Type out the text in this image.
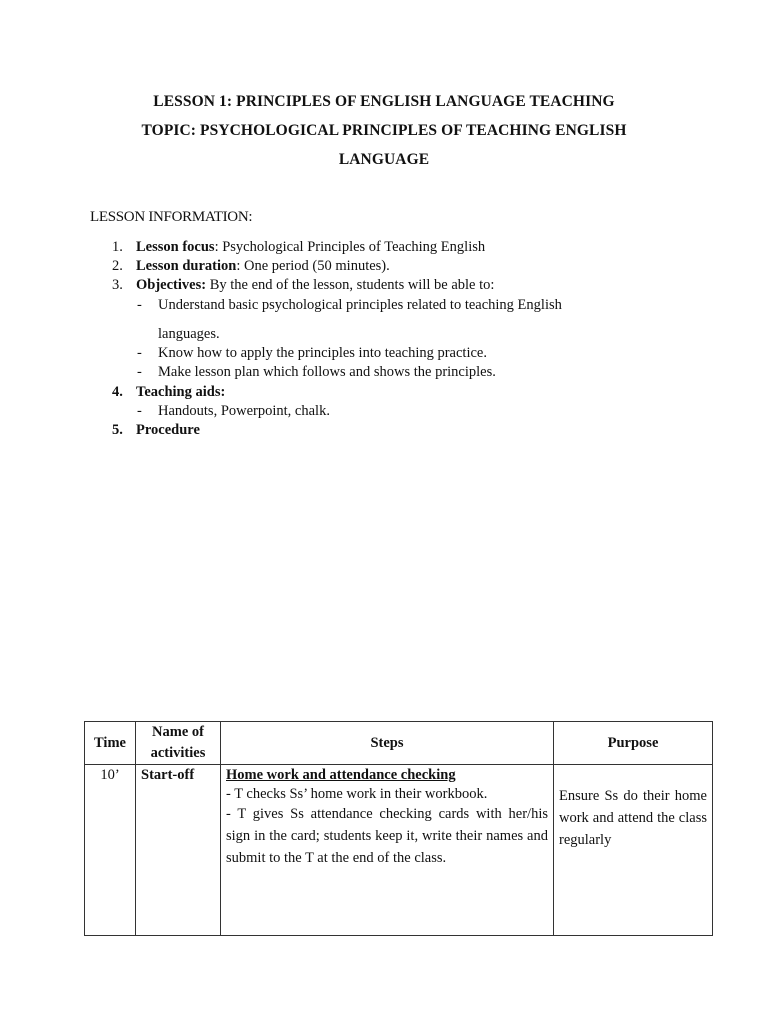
LESSON 1: PRINCIPLES OF ENGLISH LANGUAGE TEACHING
TOPIC: PSYCHOLOGICAL PRINCIPLES OF TEACHING ENGLISH
LANGUAGE
LESSON INFORMATION:
1. Lesson focus: Psychological Principles of Teaching English
2. Lesson duration: One period (50 minutes).
3. Objectives: By the end of the lesson, students will be able to:
- Understand basic psychological principles related to teaching English
languages.
- Know how to apply the principles into teaching practice.
- Make lesson plan which follows and shows the principles.
4. Teaching aids:
- Handouts, Powerpoint, chalk.
5. Procedure
Time	Name of activities	Steps	Purpose
10’	Start-off	Home work and attendance checking
- T checks Ss’ home work in their workbook.
- T gives Ss attendance checking cards with her/his sign in the card; students keep it, write their names and submit to the T at the end of the class.	Ensure Ss do their home work and attend the class regularly
